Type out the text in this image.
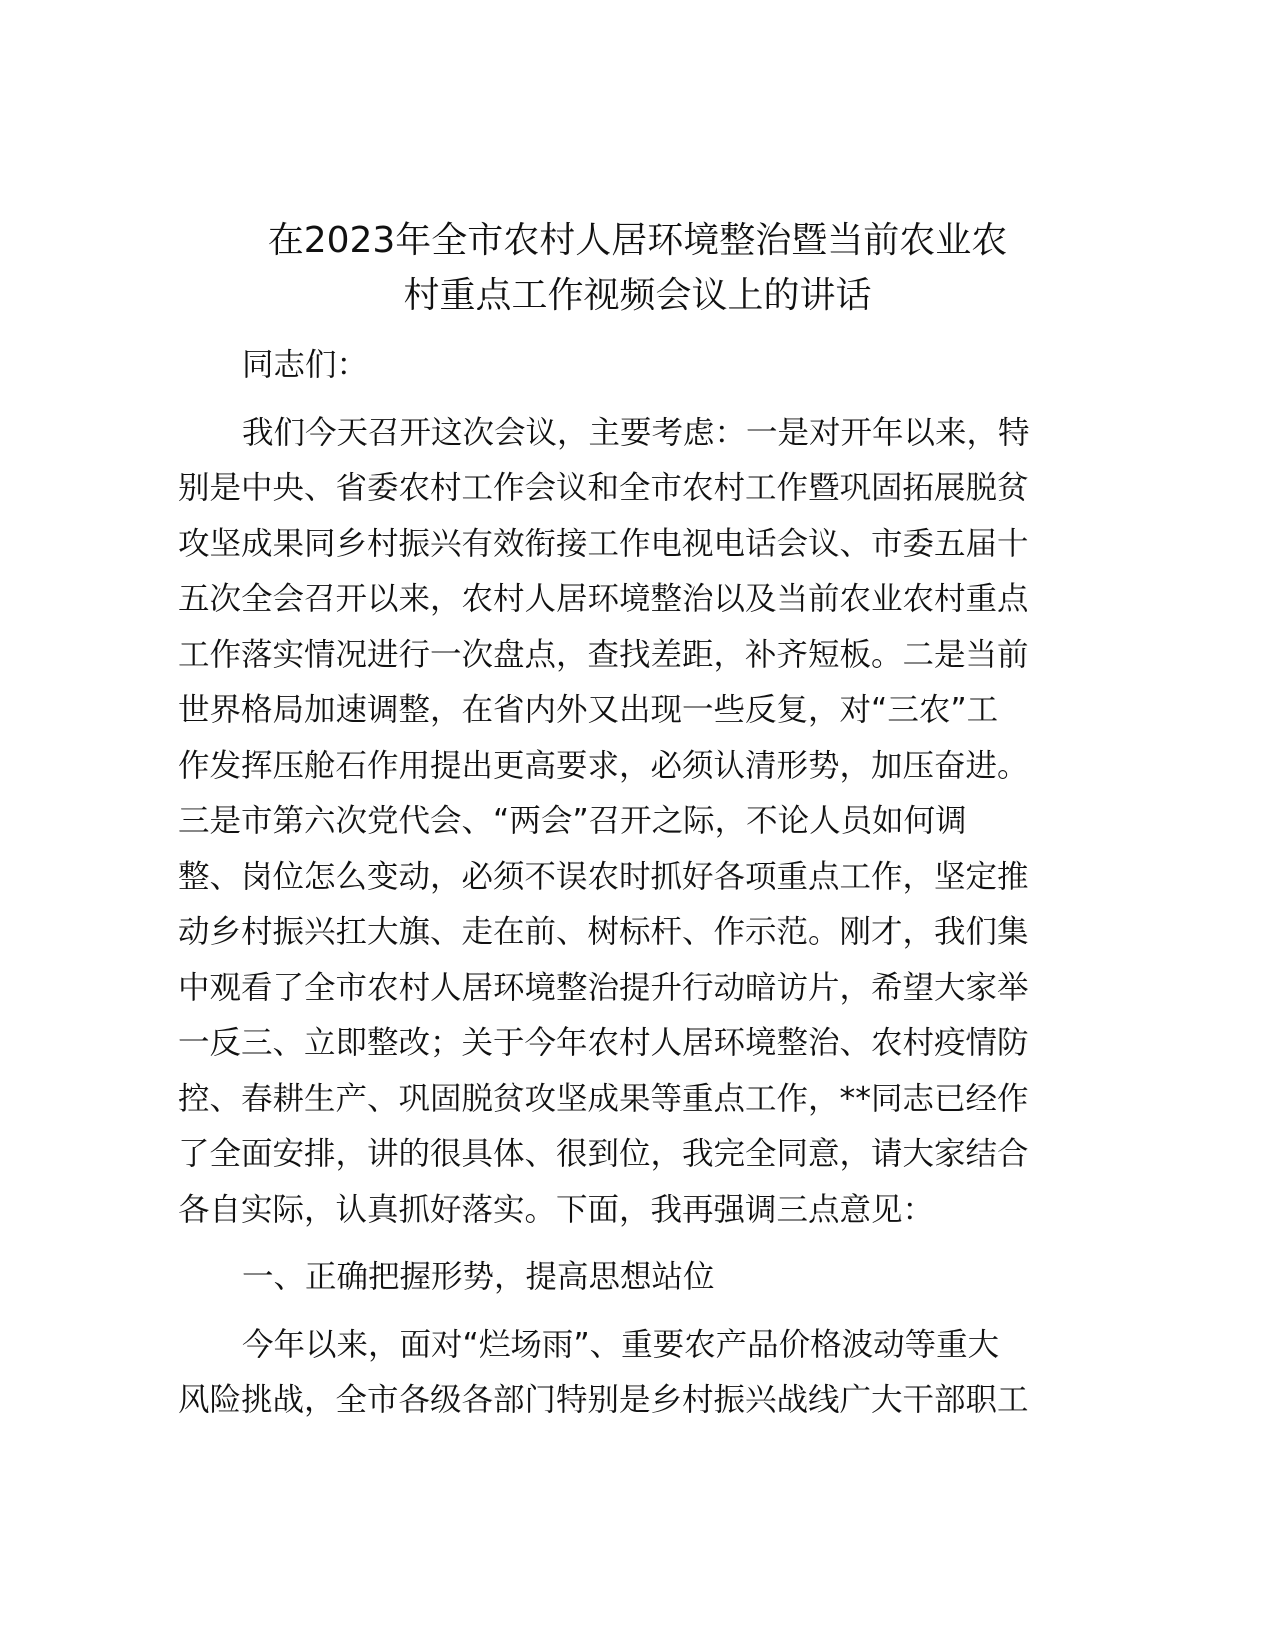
在2023年全市农村人居环境整治暨当前农业农
村重点工作视频会议上的讲话
同志们：
我们今天召开这次会议，主要考虑：一是对开年以来，特
别是中央、省委农村工作会议和全市农村工作暨巩固拓展脱贫
攻坚成果同乡村振兴有效衔接工作电视电话会议、市委五届十
五次全会召开以来，农村人居环境整治以及当前农业农村重点
工作落实情况进行一次盘点，查找差距，补齐短板。二是当前
世界格局加速调整，在省内外又出现一些反复，对“三农”工
作发挥压舱石作用提出更高要求，必须认清形势，加压奋进。
三是市第六次党代会、“两会”召开之际，不论人员如何调
整、岗位怎么变动，必须不误农时抓好各项重点工作，坚定推
动乡村振兴扛大旗、走在前、树标杆、作示范。刚才，我们集
中观看了全市农村人居环境整治提升行动暗访片，希望大家举
一反三、立即整改；关于今年农村人居环境整治、农村疫情防
控、春耕生产、巩固脱贫攻坚成果等重点工作，**同志已经作
了全面安排，讲的很具体、很到位，我完全同意，请大家结合
各自实际，认真抓好落实。下面，我再强调三点意见：
一、正确把握形势，提高思想站位
今年以来，面对“烂场雨”、重要农产品价格波动等重大
风险挑战，全市各级各部门特别是乡村振兴战线广大干部职工
